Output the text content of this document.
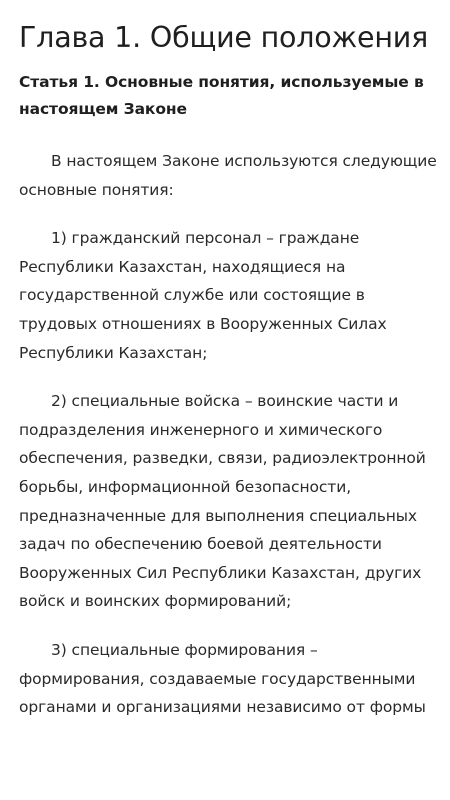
Глава 1. Общие положения
Статья 1. Основные понятия, используемые в настоящем Законе

В настоящем Законе используются следующие основные понятия:

1) гражданский персонал – граждане Республики Казахстан, находящиеся на государственной службе или состоящие в трудовых отношениях в Вооруженных Силах Республики Казахстан;

2) специальные войска – воинские части и подразделения инженерного и химического обеспечения, разведки, связи, радиоэлектронной борьбы, информационной безопасности, предназначенные для выполнения специальных задач по обеспечению боевой деятельности Вооруженных Сил Республики Казахстан, других войск и воинских формирований;

3) специальные формирования – формирования, создаваемые государственными органами и организациями независимо от формы
